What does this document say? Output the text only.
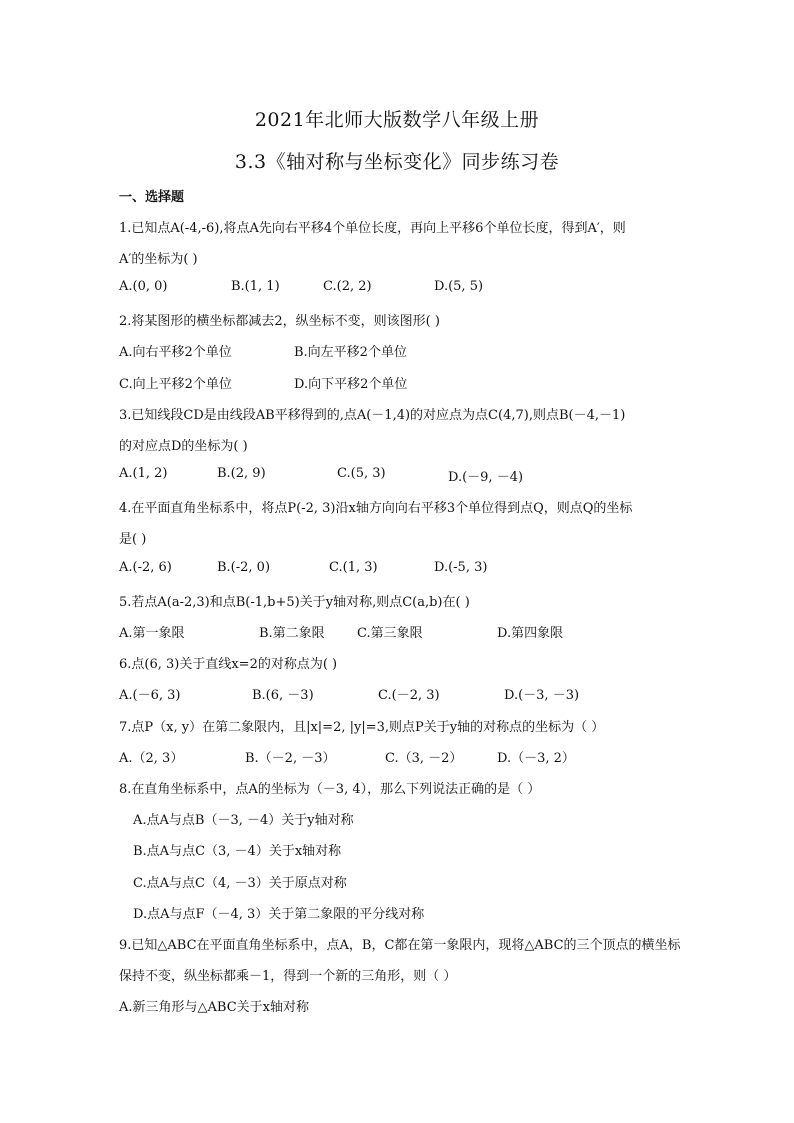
2021年北师大版数学八年级上册
3.3《轴对称与坐标变化》同步练习卷
一、选择题
1.已知点A(-4,-6),将点A先向右平移4个单位长度，再向上平移6个单位长度，得到A′，则
A′的坐标为( )
A.(0, 0)	B.(1, 1)	C.(2, 2)	D.(5, 5)
2.将某图形的横坐标都减去2，纵坐标不变，则该图形( )
A.向右平移2个单位	B.向左平移2个单位
C.向上平移2个单位	D.向下平移2个单位
3.已知线段CD是由线段AB平移得到的,点A(－1,4)的对应点为点C(4,7),则点B(－4,－1)
的对应点D的坐标为( )
A.(1, 2)	B.(2, 9)	C.(5, 3)	D.(－9, －4)
4.在平面直角坐标系中，将点P(-2, 3)沿x轴方向向右平移3个单位得到点Q，则点Q的坐标
是( )
A.(-2, 6)	B.(-2, 0)	C.(1, 3)	D.(-5, 3)
5.若点A(a-2,3)和点B(-1,b+5)关于y轴对称,则点C(a,b)在( )
A.第一象限	B.第二象限 C.第三象限	D.第四象限
6.点(6, 3)关于直线x=2的对称点为( )
A.(－6, 3)	B.(6, －3)	C.(－2, 3)	D.(－3, －3)
7.点P（x, y）在第二象限内，且|x|=2, |y|=3,则点P关于y轴的对称点的坐标为（ ）
A.（2, 3）	B.（－2, －3）	C.（3, －2）	D.（－3, 2）
8.在直角坐标系中，点A的坐标为（－3, 4），那么下列说法正确的是（ ）
A.点A与点B（－3, －4）关于y轴对称
B.点A与点C（3, －4）关于x轴对称
C.点A与点C（4, －3）关于原点对称
D.点A与点F（－4, 3）关于第二象限的平分线对称
9.已知△ABC在平面直角坐标系中，点A，B，C都在第一象限内，现将△ABC的三个顶点的横坐标
保持不变，纵坐标都乘－1，得到一个新的三角形，则（ ）
A.新三角形与△ABC关于x轴对称
